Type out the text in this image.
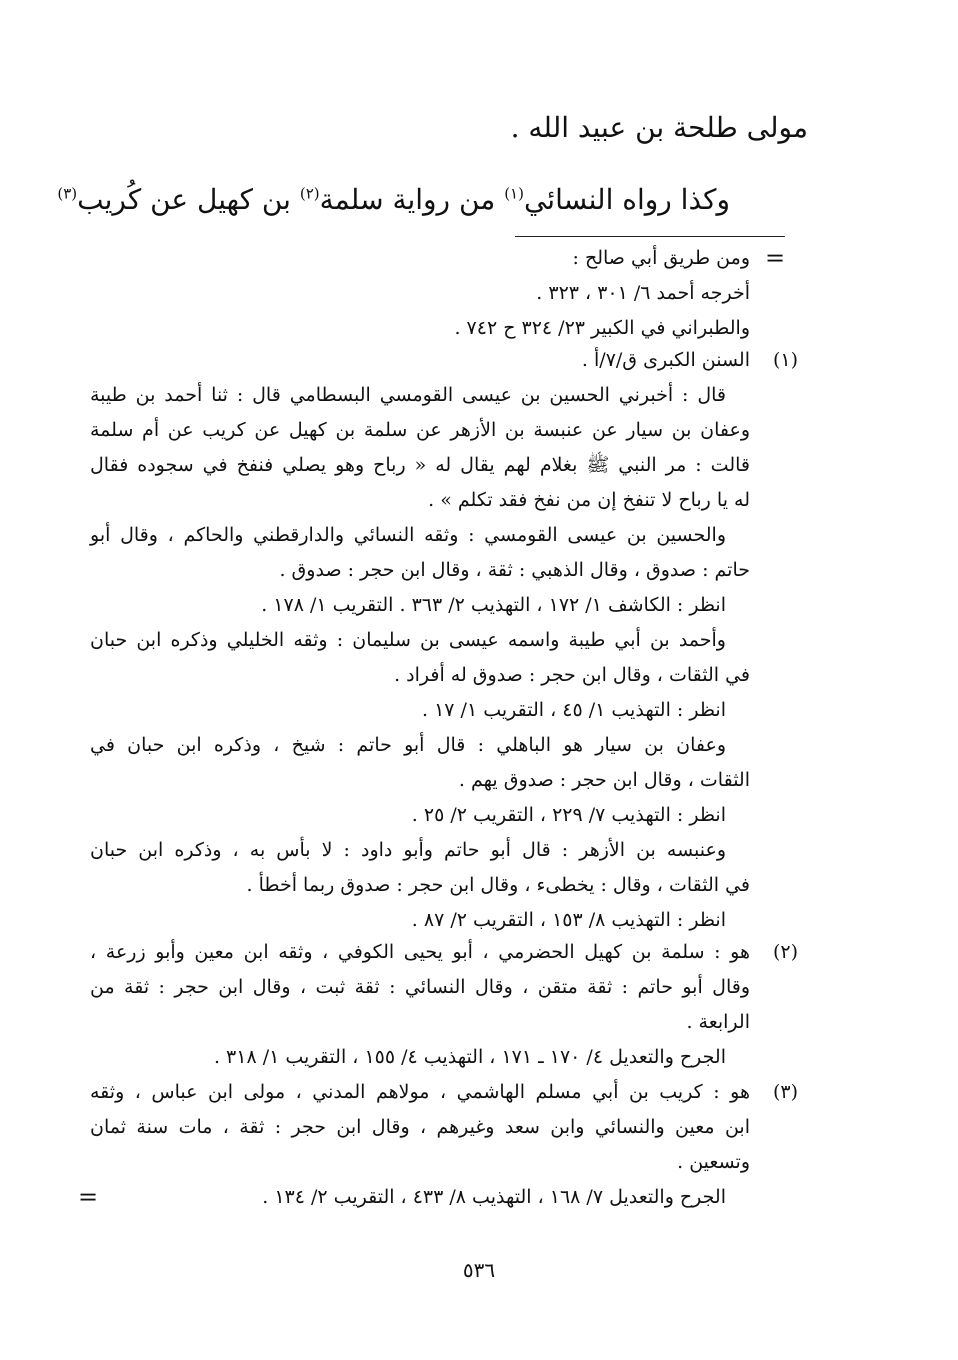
مولى طلحة بن عبيد الله .
وكذا رواه النسائي$^{(١)}$ من رواية سلمة$^{(٢)}$ بن كهيل عن كُريب$^{(٣)}$
=
ومن طريق أبي صالح :
أخرجه أحمد ٦/ ٣٠١ ، ٣٢٣ .
والطبراني في الكبير ٢٣/ ٣٢٤ ح ٧٤٢ .
(١)
السنن الكبرى ق/٧/أ .
قال : أخبرني الحسين بن عيسى القومسي البسطامي قال : ثنا أحمد بن طيبة
وعفان بن سيار عن عنبسة بن الأزهر عن سلمة بن كهيل عن كريب عن أم سلمة
قالت : مر النبي ﷺ بغلام لهم يقال له « رباح وهو يصلي فنفخ في سجوده فقال
له يا رباح لا تنفخ إن من نفخ فقد تكلم » .
والحسين بن عيسى القومسي : وثقه النسائي والدارقطني والحاكم ، وقال أبو
حاتم : صدوق ، وقال الذهبي : ثقة ، وقال ابن حجر : صدوق .
انظر : الكاشف ١/ ١٧٢ ، التهذيب ٢/ ٣٦٣ . التقريب ١/ ١٧٨ .
وأحمد بن أبي طيبة واسمه عيسى بن سليمان : وثقه الخليلي وذكره ابن حبان
في الثقات ، وقال ابن حجر : صدوق له أفراد .
انظر : التهذيب ١/ ٤٥ ، التقريب ١/ ١٧ .
وعفان بن سيار هو الباهلي : قال أبو حاتم : شيخ ، وذكره ابن حبان في
الثقات ، وقال ابن حجر : صدوق يهم .
انظر : التهذيب ٧/ ٢٢٩ ، التقريب ٢/ ٢٥ .
وعنبسه بن الأزهر : قال أبو حاتم وأبو داود : لا بأس به ، وذكره ابن حبان
في الثقات ، وقال : يخطىء ، وقال ابن حجر : صدوق ربما أخطأ .
انظر : التهذيب ٨/ ١٥٣ ، التقريب ٢/ ٨٧ .
(٢)
هو : سلمة بن كهيل الحضرمي ، أبو يحيى الكوفي ، وثقه ابن معين وأبو زرعة ،
وقال أبو حاتم : ثقة متقن ، وقال النسائي : ثقة ثبت ، وقال ابن حجر : ثقة من
الرابعة .
الجرح والتعديل ٤/ ١٧٠ ـ ١٧١ ، التهذيب ٤/ ١٥٥ ، التقريب ١/ ٣١٨ .
(٣)
هو : كريب بن أبي مسلم الهاشمي ، مولاهم المدني ، مولى ابن عباس ، وثقه
ابن معين والنسائي وابن سعد وغيرهم ، وقال ابن حجر : ثقة ، مات سنة ثمان
وتسعين .
الجرح والتعديل ٧/ ١٦٨ ، التهذيب ٨/ ٤٣٣ ، التقريب ٢/ ١٣٤ .
=
٥٣٦
